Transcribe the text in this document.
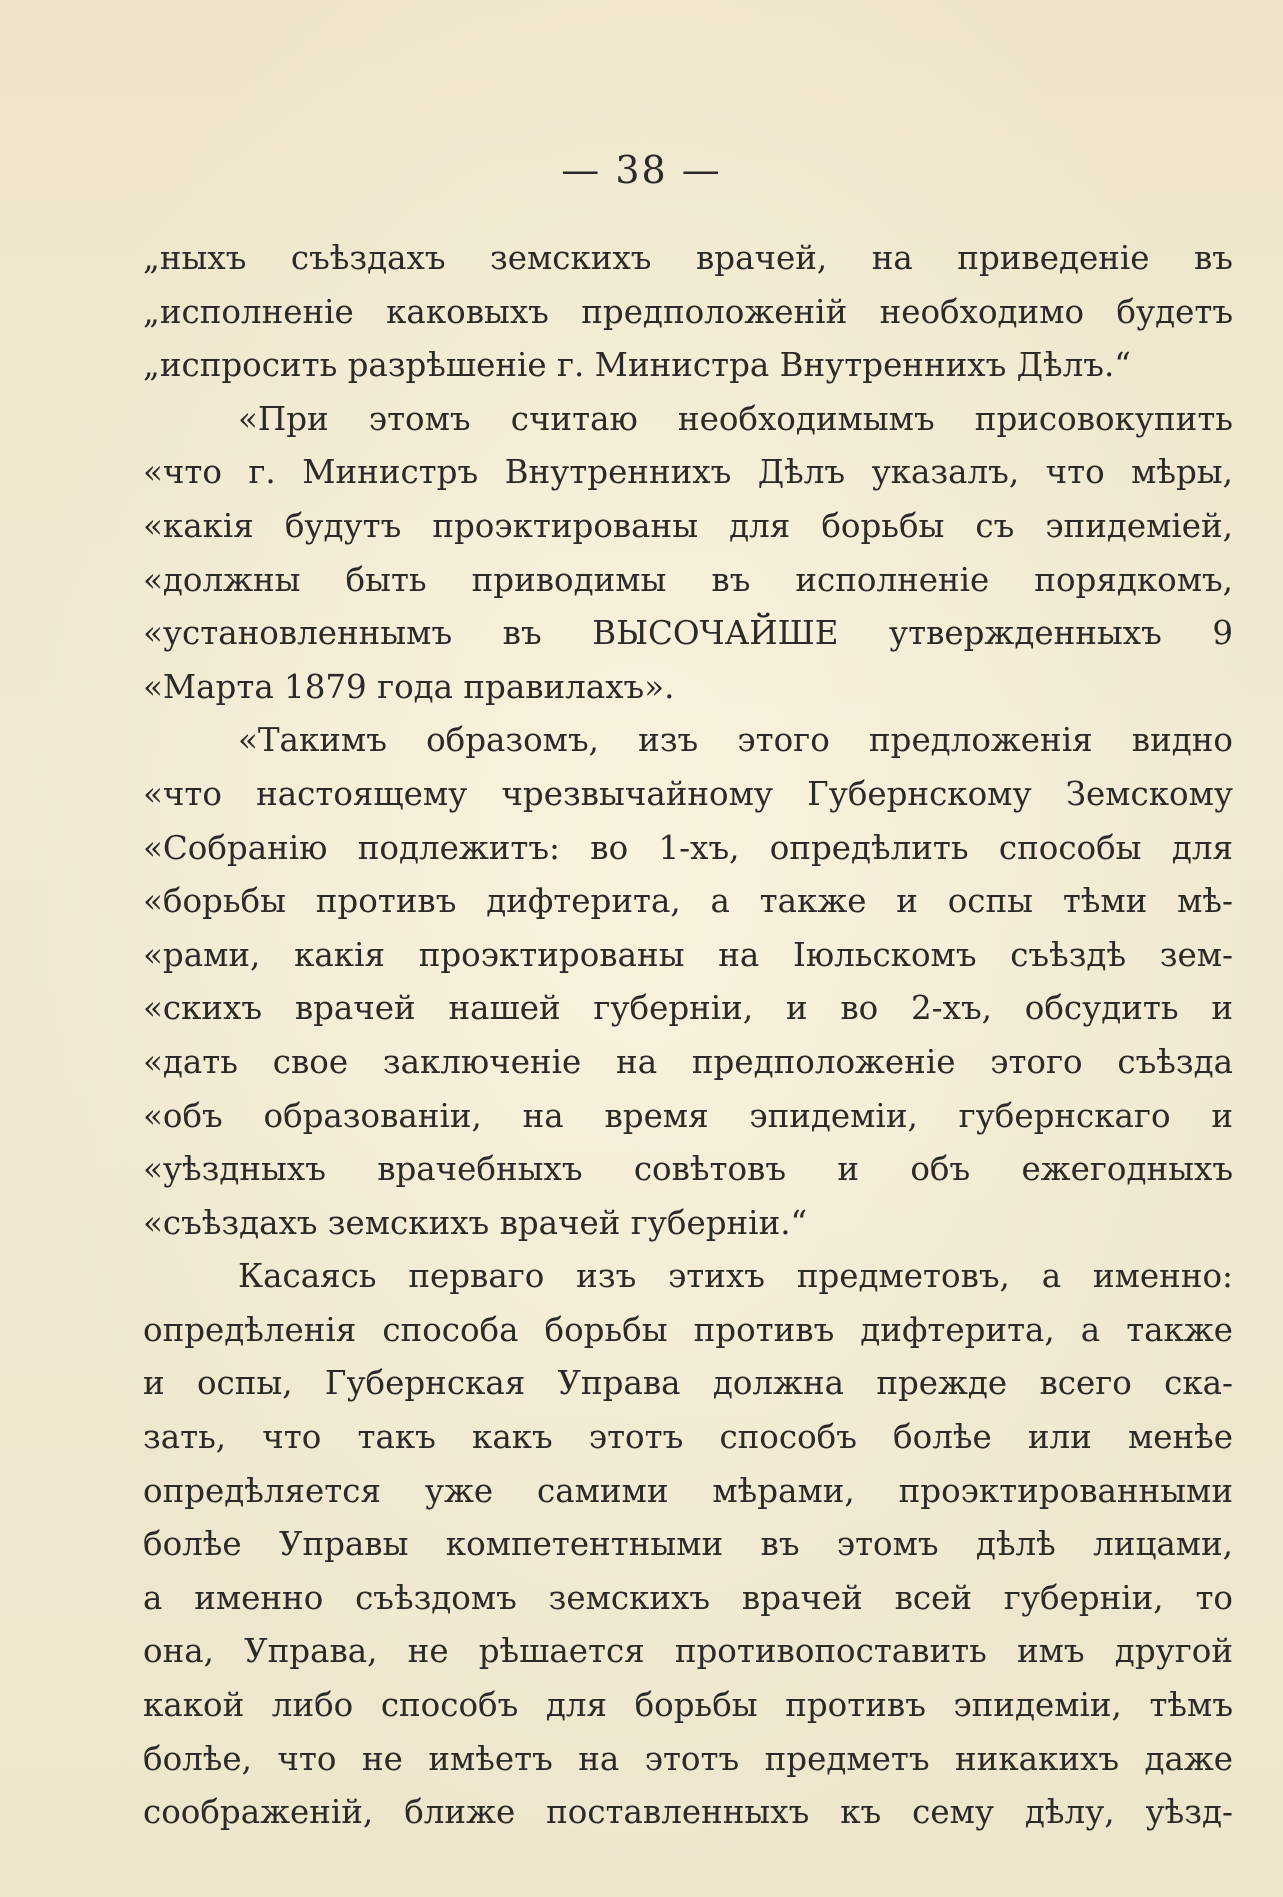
— 38 —
„ныхъ съѣздахъ земскихъ врачей, на приведеніе въ
„исполненіе каковыхъ предположеній необходимо будетъ
„испросить разрѣшеніе г. Министра Внутреннихъ Дѣлъ.“
«При этомъ считаю необходимымъ присовокупить
«что г. Министръ Внутреннихъ Дѣлъ указалъ, что мѣры,
«какія будутъ проэктированы для борьбы съ эпидеміей,
«должны быть приводимы въ исполненіе порядкомъ,
«установленнымъ въ ВЫСОЧАЙШЕ утвержденныхъ 9
«Марта 1879 года правилахъ».
«Такимъ образомъ, изъ этого предложенія видно
«что настоящему чрезвычайному Губернскому Земскому
«Собранію подлежитъ: во 1-хъ, опредѣлить способы для
«борьбы противъ дифтерита, а также и оспы тѣми мѣ-
«рами, какія проэктированы на Іюльскомъ съѣздѣ зем-
«скихъ врачей нашей губерніи, и во 2-хъ, обсудить и
«дать свое заключеніе на предположеніе этого съѣзда
«объ образованіи, на время эпидеміи, губернскаго и
«уѣздныхъ врачебныхъ совѣтовъ и объ ежегодныхъ
«съѣздахъ земскихъ врачей губерніи.“
Касаясь перваго изъ этихъ предметовъ, а именно:
опредѣленія способа борьбы противъ дифтерита, а также
и оспы, Губернская Управа должна прежде всего ска-
зать, что такъ какъ этотъ способъ болѣе или менѣе
опредѣляется уже самими мѣрами, проэктированными
болѣе Управы компетентными въ этомъ дѣлѣ лицами,
а именно съѣздомъ земскихъ врачей всей губерніи, то
она, Управа, не рѣшается противопоставить имъ другой
какой либо способъ для борьбы противъ эпидеміи, тѣмъ
болѣе, что не имѣетъ на этотъ предметъ никакихъ даже
соображеній, ближе поставленныхъ къ сему дѣлу, уѣзд-
